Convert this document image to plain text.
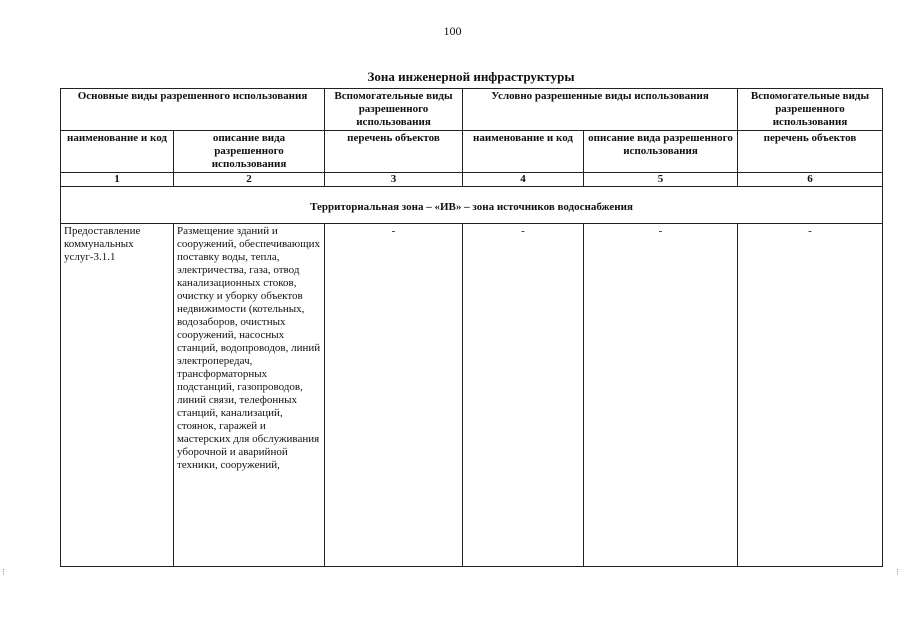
100
Зона инженерной инфраструктуры
Основные виды разрешенного использования		Вспомогательные виды разрешенного использования	Условно разрешенные виды использования		Вспомогательные виды разрешенного использования
наименование и код	описание вида разрешенного использования	перечень объектов	наименование и код	описание вида разрешенного использования	перечень объектов
1	2	3	4	5	6
Территориальная зона – «ИВ» – зона источников водоснабжения					
Предоставление коммунальных услуг-3.1.1	Размещение зданий и сооружений, обеспечивающих поставку воды, тепла, электричества, газа, отвод канализационных стоков, очистку и уборку объектов недвижимости (котельных, водозаборов, очистных сооружений, насосных станций, водопроводов, линий электропередач, трансформаторных подстанций, газопроводов, линий связи, телефонных станций, канализаций, стоянок, гаражей и мастерских для обслуживания уборочной и аварийной техники, сооружений,	-	-	-	-
⁝	⁝
